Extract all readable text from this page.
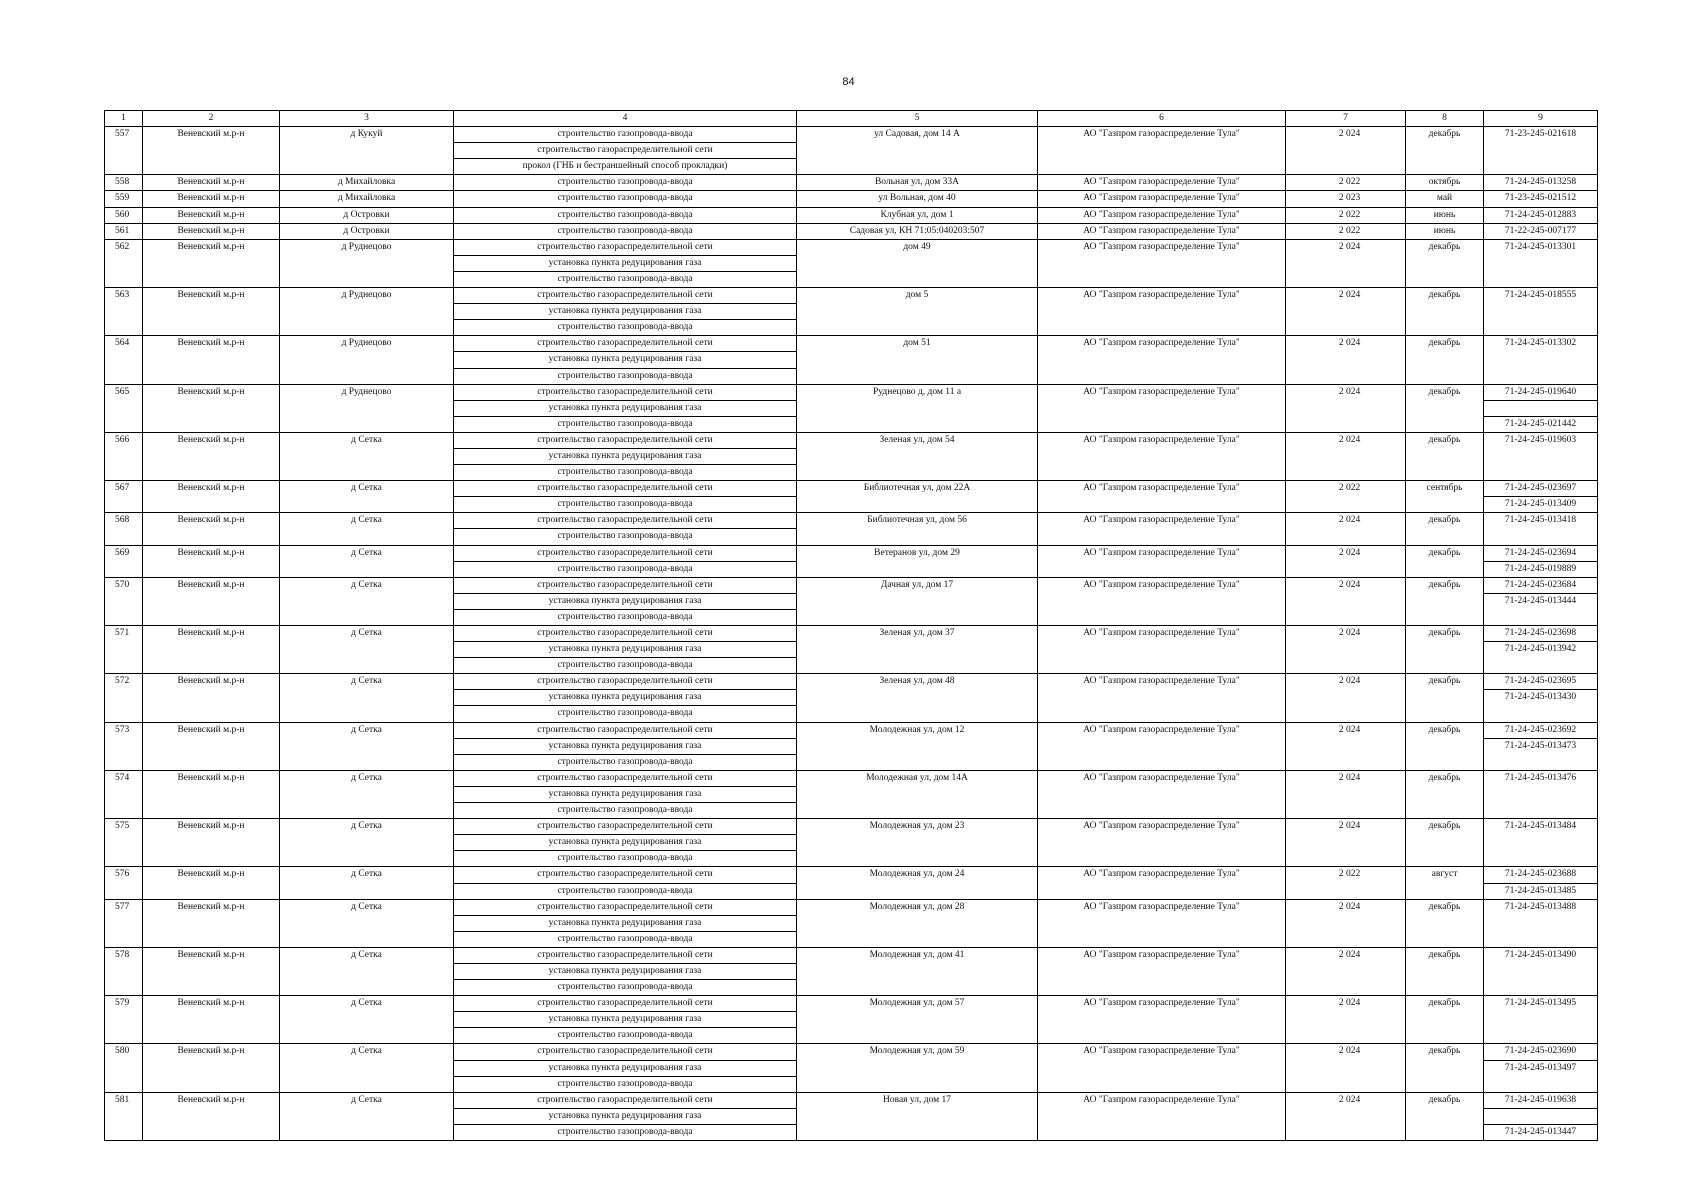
84
1	2	3	4	5	6	7	8	9
557	Веневский м.р-н	д Кукуй	строительство газопровода-ввода	ул Садовая, дом 14 А	АО "Газпром газораспределение Тула"	2 024	декабрь	71-23-245-021618
			строительство газораспределительной сети					
			прокол (ГНБ и бестраншейный способ прокладки)					
558	Веневский м.р-н	д Михайловка	строительство газопровода-ввода	Вольная ул, дом 33А	АО "Газпром газораспределение Тула"	2 022	октябрь	71-24-245-013258
559	Веневский м.р-н	д Михайловка	строительство газопровода-ввода	ул Вольная, дом 40	АО "Газпром газораспределение Тула"	2 023	май	71-23-245-021512
560	Веневский м.р-н	д Островки	строительство газопровода-ввода	Клубная ул, дом 1	АО "Газпром газораспределение Тула"	2 022	июнь	71-24-245-012883
561	Веневский м.р-н	д Островки	строительство газопровода-ввода	Садовая ул, КН 71:05:040203:507	АО "Газпром газораспределение Тула"	2 022	июнь	71-22-245-007177
562	Веневский м.р-н	д Руднецово	строительство газораспределительной сети	дом 49	АО "Газпром газораспределение Тула"	2 024	декабрь	71-24-245-013301
			установка пункта редуцирования газа					
			строительство газопровода-ввода					
563	Веневский м.р-н	д Руднецово	строительство газораспределительной сети	дом 5	АО "Газпром газораспределение Тула"	2 024	декабрь	71-24-245-018555
			установка пункта редуцирования газа					
			строительство газопровода-ввода					
564	Веневский м.р-н	д Руднецово	строительство газораспределительной сети	дом 51	АО "Газпром газораспределение Тула"	2 024	декабрь	71-24-245-013302
			установка пункта редуцирования газа					
			строительство газопровода-ввода					
565	Веневский м.р-н	д Руднецово	строительство газораспределительной сети	Руднецово д, дом 11 а	АО "Газпром газораспределение Тула"	2 024	декабрь	71-24-245-019640
			установка пункта редуцирования газа					
			строительство газопровода-ввода					71-24-245-021442
566	Веневский м.р-н	д Сетка	строительство газораспределительной сети	Зеленая ул, дом 54	АО "Газпром газораспределение Тула"	2 024	декабрь	71-24-245-019603
			установка пункта редуцирования газа					
			строительство газопровода-ввода					
567	Веневский м.р-н	д Сетка	строительство газораспределительной сети	Библиотечная ул, дом 22А	АО "Газпром газораспределение Тула"	2 022	сентябрь	71-24-245-023697
			строительство газопровода-ввода					71-24-245-013409
568	Веневский м.р-н	д Сетка	строительство газораспределительной сети	Библиотечная ул, дом 56	АО "Газпром газораспределение Тула"	2 024	декабрь	71-24-245-013418
			строительство газопровода-ввода					
569	Веневский м.р-н	д Сетка	строительство газораспределительной сети	Ветеранов ул, дом 29	АО "Газпром газораспределение Тула"	2 024	декабрь	71-24-245-023694
			строительство газопровода-ввода					71-24-245-019889
570	Веневский м.р-н	д Сетка	строительство газораспределительной сети	Дачная ул, дом 17	АО "Газпром газораспределение Тула"	2 024	декабрь	71-24-245-023684
			установка пункта редуцирования газа					71-24-245-013444
			строительство газопровода-ввода					
571	Веневский м.р-н	д Сетка	строительство газораспределительной сети	Зеленая ул, дом 37	АО "Газпром газораспределение Тула"	2 024	декабрь	71-24-245-023698
			установка пункта редуцирования газа					71-24-245-013942
			строительство газопровода-ввода					
572	Веневский м.р-н	д Сетка	строительство газораспределительной сети	Зеленая ул, дом 48	АО "Газпром газораспределение Тула"	2 024	декабрь	71-24-245-023695
			установка пункта редуцирования газа					71-24-245-013430
			строительство газопровода-ввода					
573	Веневский м.р-н	д Сетка	строительство газораспределительной сети	Молодежная ул, дом 12	АО "Газпром газораспределение Тула"	2 024	декабрь	71-24-245-023692
			установка пункта редуцирования газа					71-24-245-013473
			строительство газопровода-ввода					
574	Веневский м.р-н	д Сетка	строительство газораспределительной сети	Молодежная ул, дом 14А	АО "Газпром газораспределение Тула"	2 024	декабрь	71-24-245-013476
			установка пункта редуцирования газа					
			строительство газопровода-ввода					
575	Веневский м.р-н	д Сетка	строительство газораспределительной сети	Молодежная ул, дом 23	АО "Газпром газораспределение Тула"	2 024	декабрь	71-24-245-013484
			установка пункта редуцирования газа					
			строительство газопровода-ввода					
576	Веневский м.р-н	д Сетка	строительство газораспределительной сети	Молодежная ул, дом 24	АО "Газпром газораспределение Тула"	2 022	август	71-24-245-023688
			строительство газопровода-ввода					71-24-245-013485
577	Веневский м.р-н	д Сетка	строительство газораспределительной сети	Молодежная ул, дом 28	АО "Газпром газораспределение Тула"	2 024	декабрь	71-24-245-013488
			установка пункта редуцирования газа					
			строительство газопровода-ввода					
578	Веневский м.р-н	д Сетка	строительство газораспределительной сети	Молодежная ул, дом 41	АО "Газпром газораспределение Тула"	2 024	декабрь	71-24-245-013490
			установка пункта редуцирования газа					
			строительство газопровода-ввода					
579	Веневский м.р-н	д Сетка	строительство газораспределительной сети	Молодежная ул, дом 57	АО "Газпром газораспределение Тула"	2 024	декабрь	71-24-245-013495
			установка пункта редуцирования газа					
			строительство газопровода-ввода					
580	Веневский м.р-н	д Сетка	строительство газораспределительной сети	Молодежная ул, дом 59	АО "Газпром газораспределение Тула"	2 024	декабрь	71-24-245-023690
			установка пункта редуцирования газа					71-24-245-013497
			строительство газопровода-ввода					
581	Веневский м.р-н	д Сетка	строительство газораспределительной сети	Новая ул, дом 17	АО "Газпром газораспределение Тула"	2 024	декабрь	71-24-245-019638
			установка пункта редуцирования газа					
			строительство газопровода-ввода					71-24-245-013447
